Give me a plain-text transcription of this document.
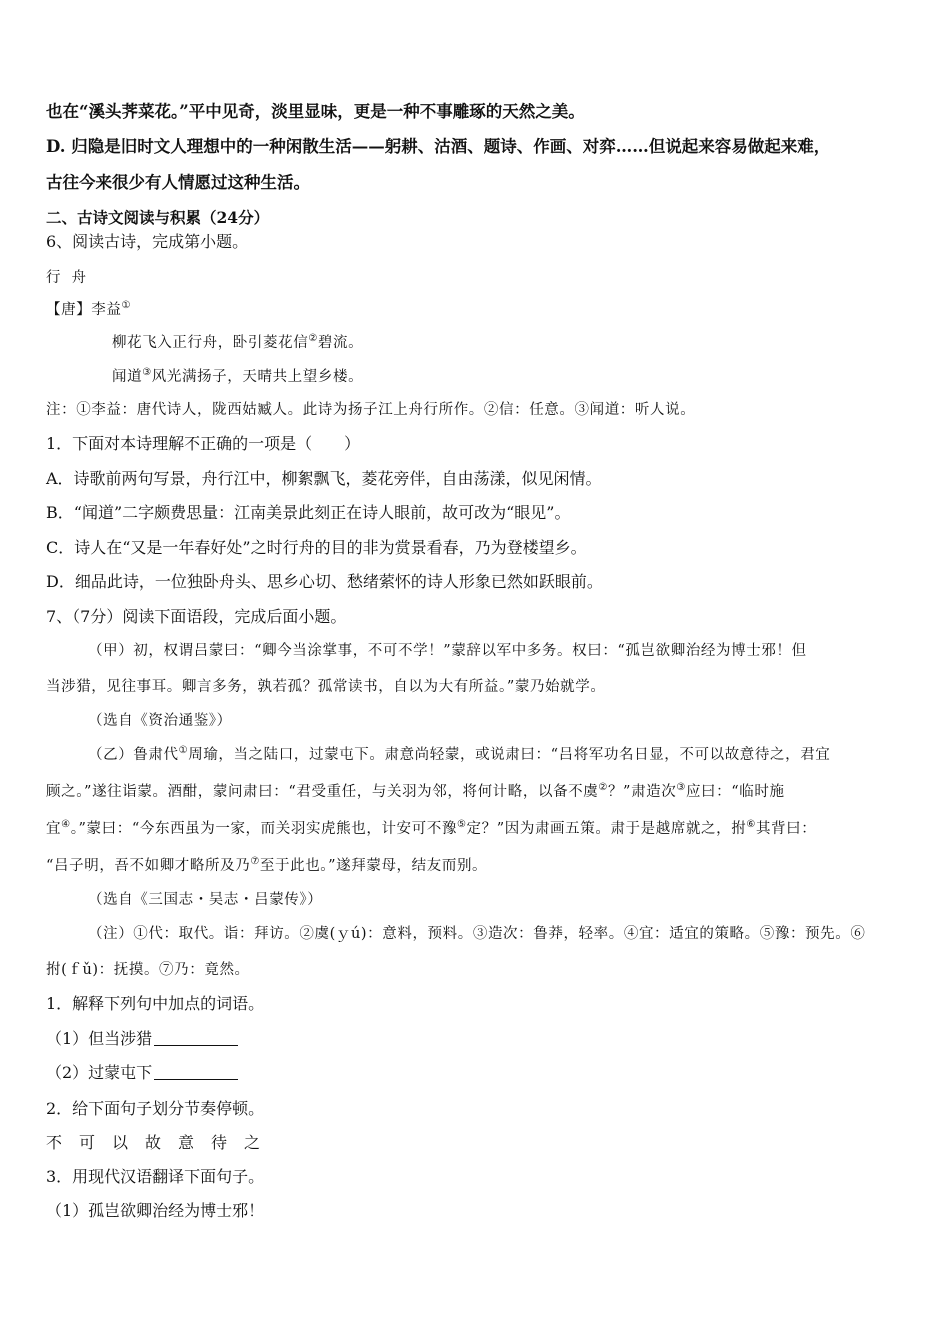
也在“溪头荠菜花。”平中见奇，淡里显味，更是一种不事雕琢的天然之美。
D. 归隐是旧时文人理想中的一种闲散生活——躬耕、沽酒、题诗、作画、对弈……但说起来容易做起来难，
古往今来很少有人情愿过这种生活。
二、古诗文阅读与积累（24分）
6、阅读古诗，完成第小题。
行  舟
【唐】李益①
柳花飞入正行舟，卧引菱花信②碧流。
闻道③风光满扬子，天晴共上望乡楼。
注：①李益：唐代诗人，陇西姑臧人。此诗为扬子江上舟行所作。②信：任意。③闻道：听人说。
1．下面对本诗理解不正确的一项是（　　）
A．诗歌前两句写景，舟行江中，柳絮飘飞，菱花旁伴，自由荡漾，似见闲情。
B．“闻道”二字颇费思量：江南美景此刻正在诗人眼前，故可改为“眼见”。
C．诗人在“又是一年春好处”之时行舟的目的非为赏景看春，乃为登楼望乡。
D．细品此诗，一位独卧舟头、思乡心切、愁绪萦怀的诗人形象已然如跃眼前。
7、（7分）阅读下面语段，完成后面小题。
（甲）初，权谓吕蒙曰：“卿今当涂掌事，不可不学！”蒙辞以军中多务。权曰：“孤岂欲卿治经为博士邪！但
当涉猎，见往事耳。卿言多务，孰若孤？孤常读书，自以为大有所益。”蒙乃始就学。
（选自《资治通鉴》）
（乙）鲁肃代①周瑜，当之陆口，过蒙屯下。肃意尚轻蒙，或说肃曰：“吕将军功名日显，不可以故意待之，君宜
顾之。”遂往诣蒙。酒酣，蒙问肃曰：“君受重任，与关羽为邻，将何计略，以备不虞②？”肃造次③应曰：“临时施
宜④。”蒙曰：“今东西虽为一家，而关羽实虎熊也，计安可不豫⑤定？”因为肃画五策。肃于是越席就之，拊⑥其背曰：
“吕子明，吾不如卿才略所及乃⑦至于此也。”遂拜蒙母，结友而别。
（选自《三国志・吴志・吕蒙传》）
（注）①代：取代。诣：拜访。②虞(ｙú)：意料，预料。③造次：鲁莽，轻率。④宜：适宜的策略。⑤豫：预先。⑥
拊(ｆǔ)：抚摸。⑦乃：竟然。
1．解释下列句中加点的词语。
（1）但当涉猎
（2）过蒙屯下
2．给下面句子划分节奏停顿。
不可以故意待之
3．用现代汉语翻译下面句子。
（1）孤岂欲卿治经为博士邪！
